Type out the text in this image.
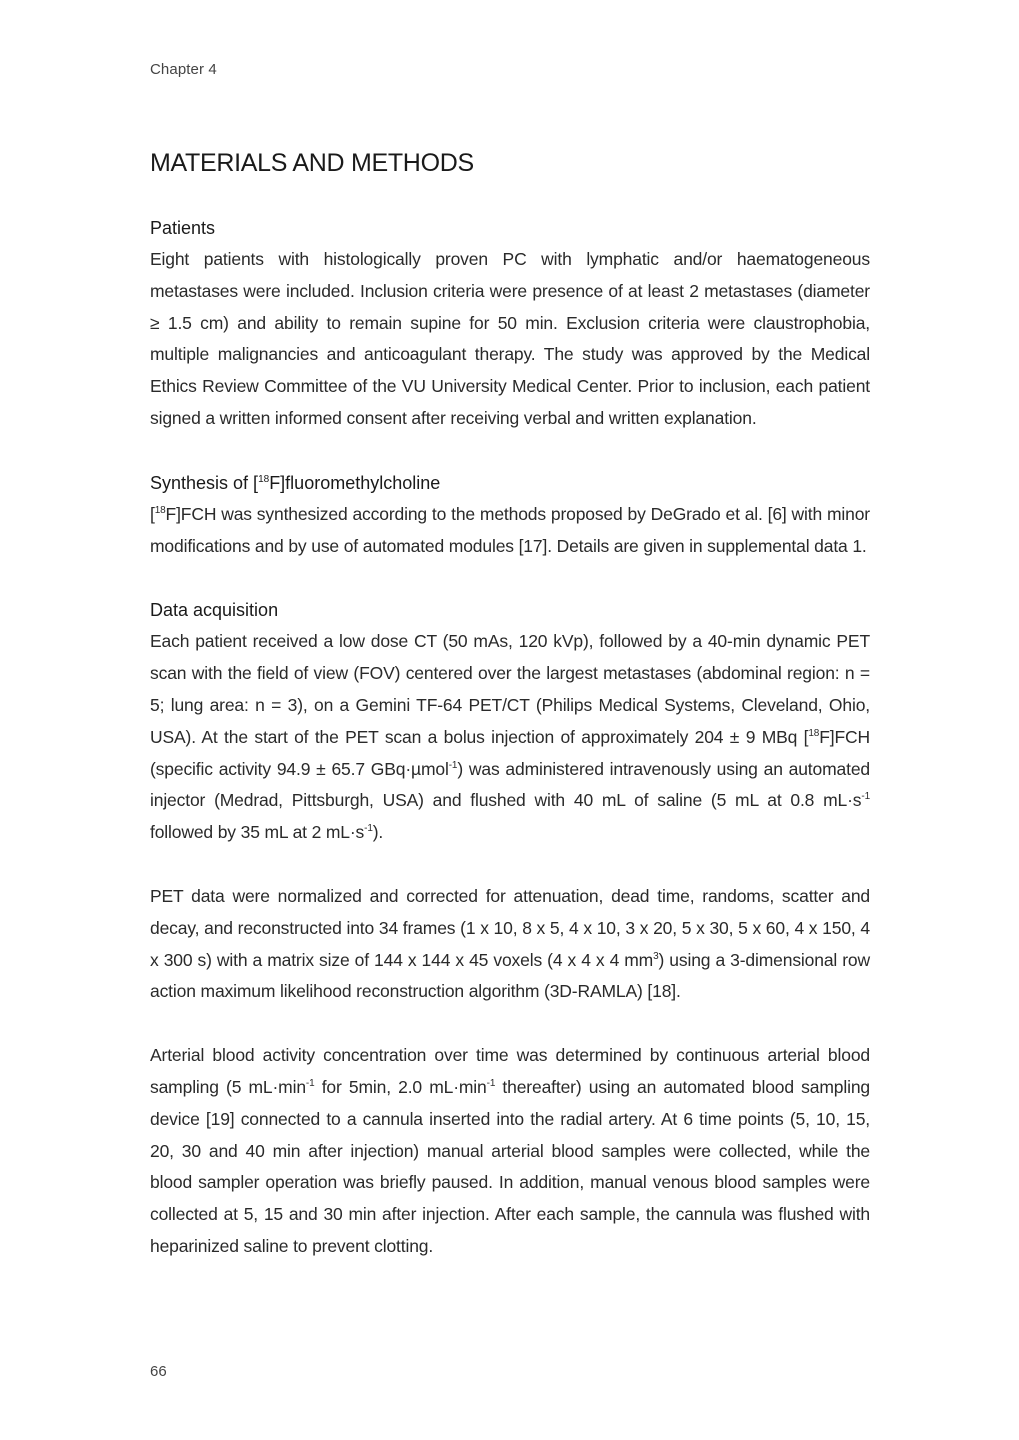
Chapter 4
MATERIALS AND METHODS
Patients

Eight patients with histologically proven PC with lymphatic and/or haematogeneous metastases were included. Inclusion criteria were presence of at least 2 metastases (diameter ≥ 1.5 cm) and ability to remain supine for 50 min. Exclusion criteria were claustrophobia, multiple malignancies and anticoagulant therapy. The study was approved by the Medical Ethics Review Committee of the VU University Medical Center. Prior to inclusion, each patient signed a written informed consent after receiving verbal and written explanation.

Synthesis of [$^{18}$F]fluoromethylcholine

[$^{18}$F]FCH was synthesized according to the methods proposed by DeGrado et al. [6] with minor modifications and by use of automated modules [17]. Details are given in supplemental data 1.

Data acquisition

Each patient received a low dose CT (50 mAs, 120 kVp), followed by a 40-min dynamic PET scan with the field of view (FOV) centered over the largest metastases (abdominal region: n = 5; lung area: n = 3), on a Gemini TF-64 PET/CT (Philips Medical Systems, Cleveland, Ohio, USA). At the start of the PET scan a bolus injection of approximately 204 ± 9 MBq [$^{18}$F]FCH (specific activity 94.9 ± 65.7 GBq·µmol$^{-1}$) was administered intravenously using an automated injector (Medrad, Pittsburgh, USA) and flushed with 40 mL of saline (5 mL at 0.8 $mL\cdot s^{-1}$ followed by 35 mL at 2 $mL\cdot s^{-1}$).

PET data were normalized and corrected for attenuation, dead time, randoms, scatter and decay, and reconstructed into 34 frames (1 x 10, 8 x 5, 4 x 10, 3 x 20, 5 x 30, 5 x 60, 4 x 150, 4 x 300 s) with a matrix size of 144 x 144 x 45 voxels (4 x 4 x 4 $mm^3$) using a 3-dimensional row action maximum likelihood reconstruction algorithm (3D-RAMLA) [18].

Arterial blood activity concentration over time was determined by continuous arterial blood sampling (5 $mL\cdot\min^{-1}$ for 5min, 2.0 $mL\cdot\min^{-1}$ thereafter) using an automated blood sampling device [19] connected to a cannula inserted into the radial artery. At 6 time points (5, 10, 15, 20, 30 and 40 min after injection) manual arterial blood samples were collected, while the blood sampler operation was briefly paused. In addition, manual venous blood samples were collected at 5, 15 and 30 min after injection. After each sample, the cannula was flushed with heparinized saline to prevent clotting.

66
